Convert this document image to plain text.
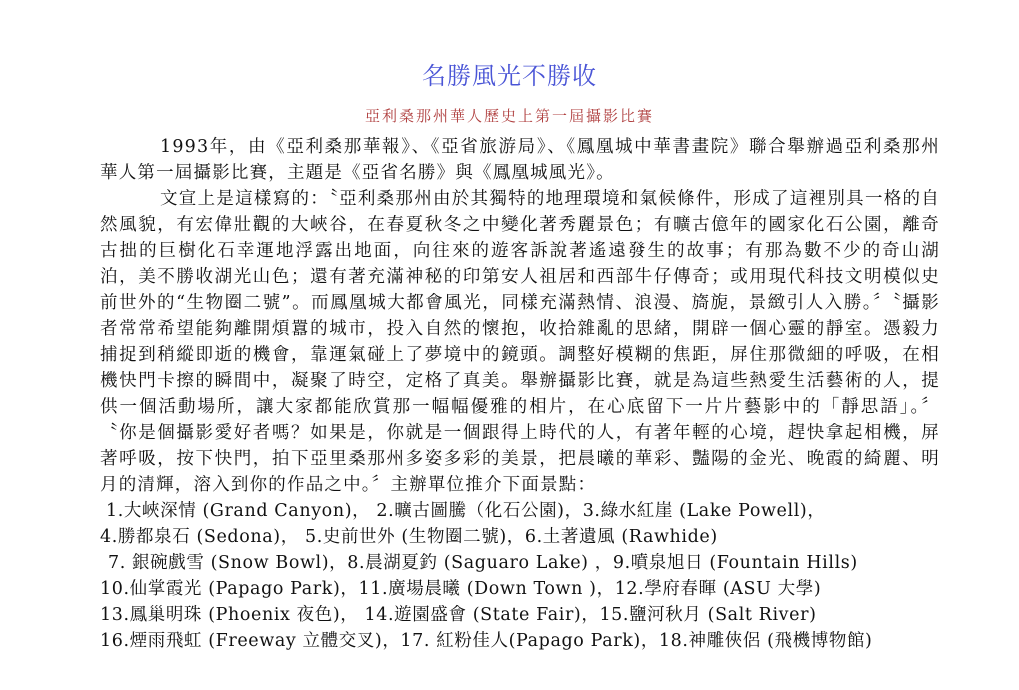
名勝風光不勝收
亞利桑那州華人歷史上第一屆攝影比賽

1993年，由《亞利桑那華報》、《亞省旅游局》、《鳳凰城中華書畫院》聯合舉辦過亞利桑那州華人第一屆攝影比賽，主題是《亞省名勝》與《鳳凰城風光》。

文宣上是這樣寫的：〝亞利桑那州由於其獨特的地理環境和氣候條件，形成了這裡別具一格的自然風貌，有宏偉壯觀的大峽谷，在春夏秋冬之中變化著秀麗景色；有曠古億年的國家化石公園，離奇古拙的巨樹化石幸運地浮露出地面，向往來的遊客訴說著遙遠發生的故事；有那為數不少的奇山湖泊，美不勝收湖光山色；還有著充滿神秘的印第安人祖居和西部牛仔傳奇；或用現代科技文明模似史前世外的“生物圈二號”。而鳳凰城大都會風光，同樣充滿熱情、浪漫、旖旎，景緻引人入勝。〞〝攝影者常常希望能夠離開煩囂的城市，投入自然的懷抱，收拾雜亂的思緒，開辟一個心靈的靜室。憑毅力捕捉到稍縱即逝的機會，靠運氣碰上了夢境中的鏡頭。調整好模糊的焦距，屏住那微細的呼吸，在相機快門卡擦的瞬間中，凝聚了時空，定格了真美。舉辦攝影比賽，就是為這些熱愛生活藝術的人，提供一個活動場所，讓大家都能欣賞那一幅幅優雅的相片，在心底留下一片片藝影中的「靜思語」。〞 〝你是個攝影愛好者嗎？如果是，你就是一個跟得上時代的人，有著年輕的心境，趕快拿起相機，屏著呼吸，按下快門，拍下亞里桑那州多姿多彩的美景，把晨曦的華彩、豔陽的金光、晚霞的綺麗、明月的清輝，溶入到你的作品之中。〞主辦單位推介下面景點：

1.大峽深情 (Grand Canyon)， 2.曠古圖騰（化石公園)，3.綠水紅崖 (Lake Powell)，
4.勝都泉石 (Sedona)， 5.史前世外 (生物圈二號)，6.土著遺風 (Rawhide)
7. 銀碗戲雪 (Snow Bowl)，8.晨湖夏釣 (Saguaro Lake) ，9.噴泉旭日 (Fountain Hills)
10.仙掌霞光 (Papago Park)，11.廣場晨曦 (Down Town )，12.學府春暉 (ASU 大學)
13.鳳巢明珠 (Phoenix 夜色)， 14.遊園盛會 (State Fair)，15.鹽河秋月 (Salt River)
16.煙雨飛虹 (Freeway 立體交叉)，17. 紅粉佳人(Papago Park)，18.神雕俠侶 (飛機博物館)
